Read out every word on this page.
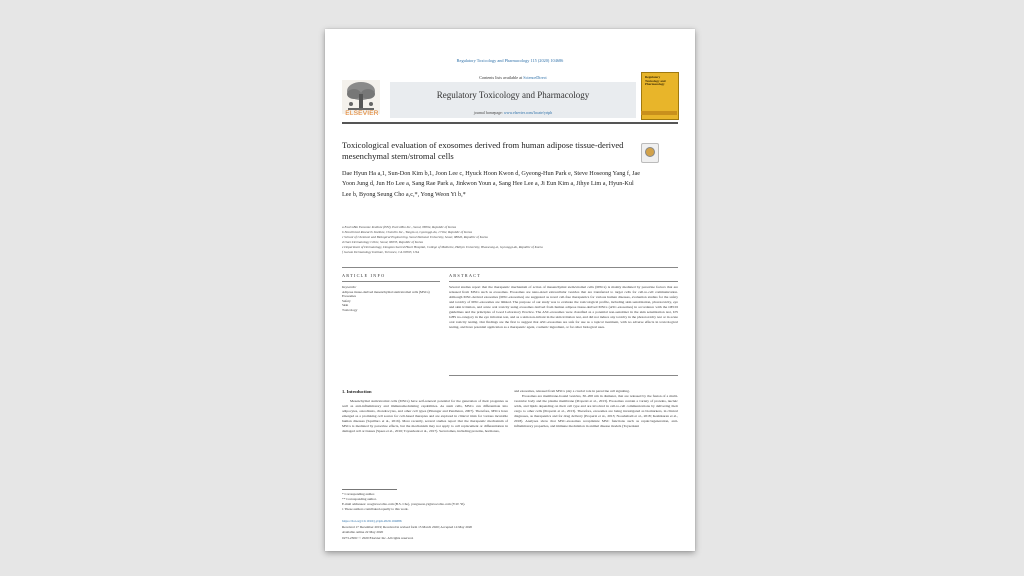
Regulatory Toxicology and Pharmacology 115 (2020) 104686
Contents lists available at ScienceDirect
ELSEVIER
Regulatory Toxicology and Pharmacology
journal homepage: www.elsevier.com/locate/yrtph
Regulatory Toxicology and Pharmacology
Toxicological evaluation of exosomes derived from human adipose tissue-derived mesenchymal stem/stromal cells
Dae Hyun Ha a,1, Sun-Don Kim b,1, Joon Lee c, Hyuck Hoon Kwon d, Gyeong-Hun Park e, Steve Hoseong Yang f, Jae Yoon Jung d, Jun Ho Lee a, Sang Rae Park a, Jinkwon Youn a, Sang Hee Lee a, Ji Eun Kim a, Jihye Lim a, Hyun-Kul Lee b, Byong Seung Cho a,c,*, Yong Weon Yi b,*
a ExoCoBio Exosome Institute (EEI), ExoCoBio Inc., Seoul, 08594, Republic of Korea
b Nonclinical Research Institute, ChemOn Inc., Yongin-si, Gyeonggi-do, 17162, Republic of Korea
c School of Chemical and Biological Engineering, Seoul National University, Seoul, 08826, Republic of Korea
d Oaro Dermatology Clinic, Seoul, 06035, Republic of Korea
e Department of Dermatology, Dongtan Sacred Heart Hospital, College of Medicine, Hallym University, Hwaseong-si, Gyeonggi-do, Republic of Korea
f Garam Dermatology Institute, Torrance, CA 90503, USA
ARTICLE INFO	ABSTRACT
Keywords:
Adipose tissue-derived mesenchymal stem/stromal cells (MSCs)
Exosomes
Safety
Skin
Toxicology
Several studies report that the therapeutic mechanism of action of mesenchymal stem/stromal cells (MSCs) is mainly mediated by paracrine factors that are released from MSCs such as exosomes. Exosomes are nano-sized extracellular vesicles that are transferred to target cells for cell-to-cell communication. Although MSC-derived exosomes (MSC-exosomes) are suggested as novel cell-free therapeutics for various human diseases, evaluation studies for the safety and toxicity of MSC-exosomes are limited. The purpose of our study was to evaluate the toxicological profile, including skin sensitization, phototoxicity, eye and skin irritation, and acute oral toxicity using exosomes derived from human adipose tissue-derived MSCs (ASC-exosomes) in accordance with the OECD guidelines and the principles of Good Laboratory Practice. The ASC-exosomes were classified as a potential non-sensitizer in the skin sensitization test, UN GHS no-category in the eye irritation test, and as a skin non-irritant in the skin irritation test, and did not induce any toxicity in the phototoxicity test or in acute oral toxicity testing. Our findings are the first to suggest that ASC-exosomes are safe for use as a topical treatment, with no adverse effects in toxicological testing, and have potential application as a therapeutic agent, cosmetic ingredient, or for other biological uses.
1. Introduction
Mesenchymal stem/stromal cells (MSCs) have self-renewal potential for the generation of their progenies as well as anti-inflammatory and immunomodulating capabilities. As stem cells, MSCs can differentiate into adipocytes, osteoblasts, chondrocytes, and other cell types (Pittenger and Pendleton, 2007). Therefore, MSCs have emerged as a promising cell source for cell-based therapies and are explored in clinical trials for various incurable human diseases (Squillaro et al., 2016). More recently, several studies report that the therapeutic mechanism of MSCs is mediated by paracrine effects, but the mechanism may not apply to cell replacement or differentiation in damaged cell or tissues (Spees et al., 2016; Toyserkani et al., 2017). Secretomes, including proteins, hormones,

and exosomes, released from MSCs play a crucial role in paracrine cell signaling.

Exosomes are membrane-bound vesicles, 30–200 nm in diameter, that are released by the fusion of a multi-vesicular body and the plasma membrane (Properzi et al., 2013). Exosomes contain a variety of proteins, nucleic acids, and lipids depending on their cell type and are involved in cell-to-cell communications by delivering their cargo to other cells (Properzi et al., 2013). Therefore, exosomes are being investigated as biomarkers, in clinical diagnoses, as therapeutics and for drug delivery (Properzi et al., 2013; Nooshabadi et al., 2018; Keshtkaran et al., 2018). Analyses show that MSC-exosomes recapitulate MSC functions such as repair/regeneration, anti-inflammatory properties, and immune modulation in animal disease models (Toyserkani

* Corresponding author.
** Corresponding author.
E-mail addresses: ceo@exocobio.com (B.S. Cho), yongweon.yi@exocobio.com (Y.W. Yi).
1 These authors contributed equally to this work.
https://doi.org/10.1016/j.yrtph.2020.104686
Received 17 December 2019; Received in revised form 15 March 2020; Accepted 14 May 2020
Available online 22 May 2020
0273-2300/ © 2020 Elsevier Inc. All rights reserved.
